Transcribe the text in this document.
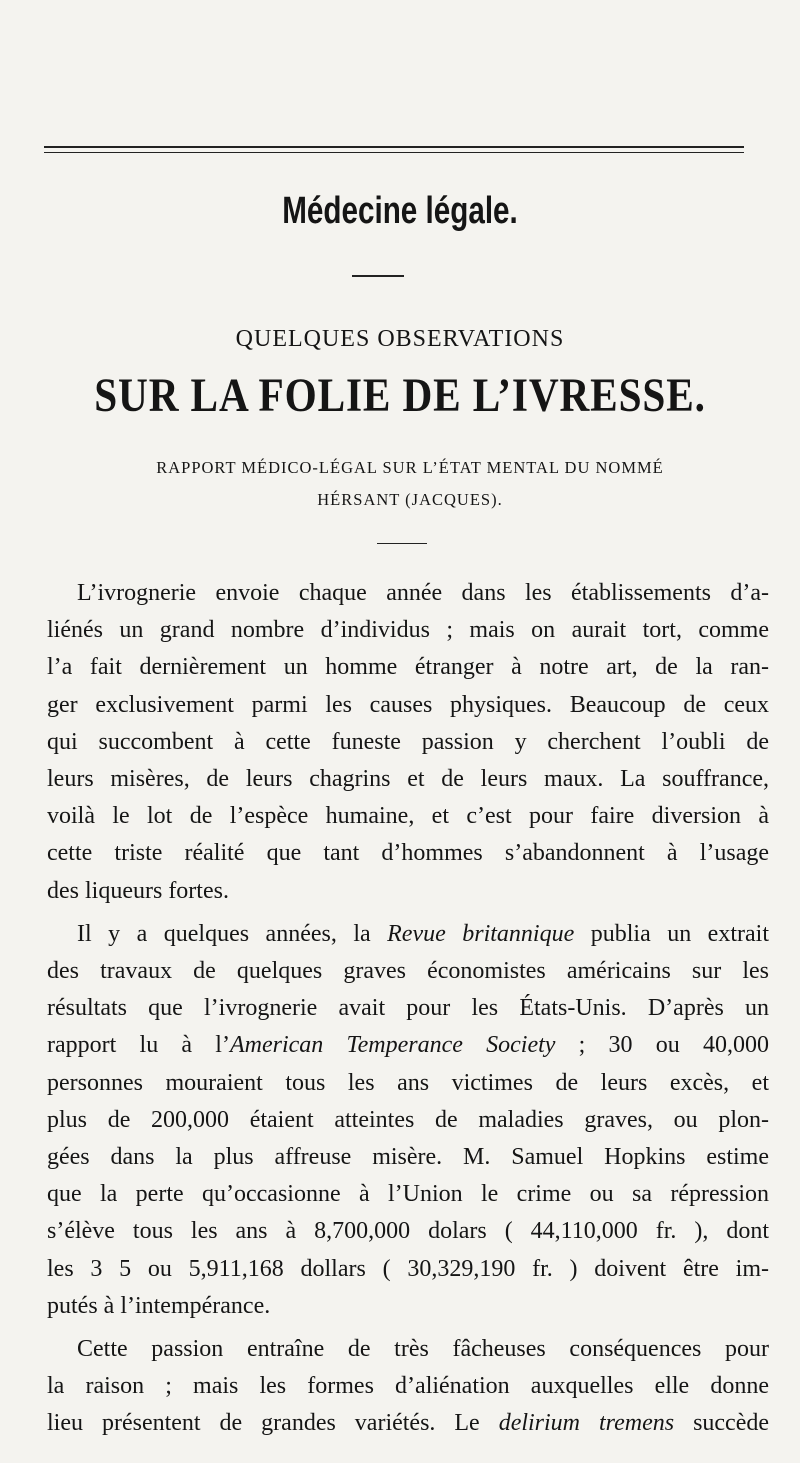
Médecine légale.
QUELQUES OBSERVATIONS
SUR LA FOLIE DE L’IVRESSE.
RAPPORT MÉDICO-LÉGAL SUR L’ÉTAT MENTAL DU NOMMÉ
HÉRSANT (JACQUES).
L’ivrognerie envoie chaque année dans les établissements d’a-
liénés un grand nombre d’individus ; mais on aurait tort, comme
l’a fait dernièrement un homme étranger à notre art, de la ran-
ger exclusivement parmi les causes physiques. Beaucoup de ceux
qui succombent à cette funeste passion y cherchent l’oubli de
leurs misères, de leurs chagrins et de leurs maux. La souffrance,
voilà le lot de l’espèce humaine, et c’est pour faire diversion à
cette triste réalité que tant d’hommes s’abandonnent à l’usage
des liqueurs fortes.
Il y a quelques années, la Revue britannique publia un extrait
des travaux de quelques graves économistes américains sur les
résultats que l’ivrognerie avait pour les États-Unis. D’après un
rapport lu à l’American Temperance Society ; 30 ou 40,000
personnes mouraient tous les ans victimes de leurs excès, et
plus de 200,000 étaient atteintes de maladies graves, ou plon-
gées dans la plus affreuse misère. M. Samuel Hopkins estime
que la perte qu’occasionne à l’Union le crime ou sa répression
s’élève tous les ans à 8,700,000 dolars ( 44,110,000 fr. ), dont
les 3 5 ou 5,911,168 dollars ( 30,329,190 fr. ) doivent être im-
putés à l’intempérance.
Cette passion entraîne de très fâcheuses conséquences pour
la raison ; mais les formes d’aliénation auxquelles elle donne
lieu présentent de grandes variétés. Le delirium tremens succède
